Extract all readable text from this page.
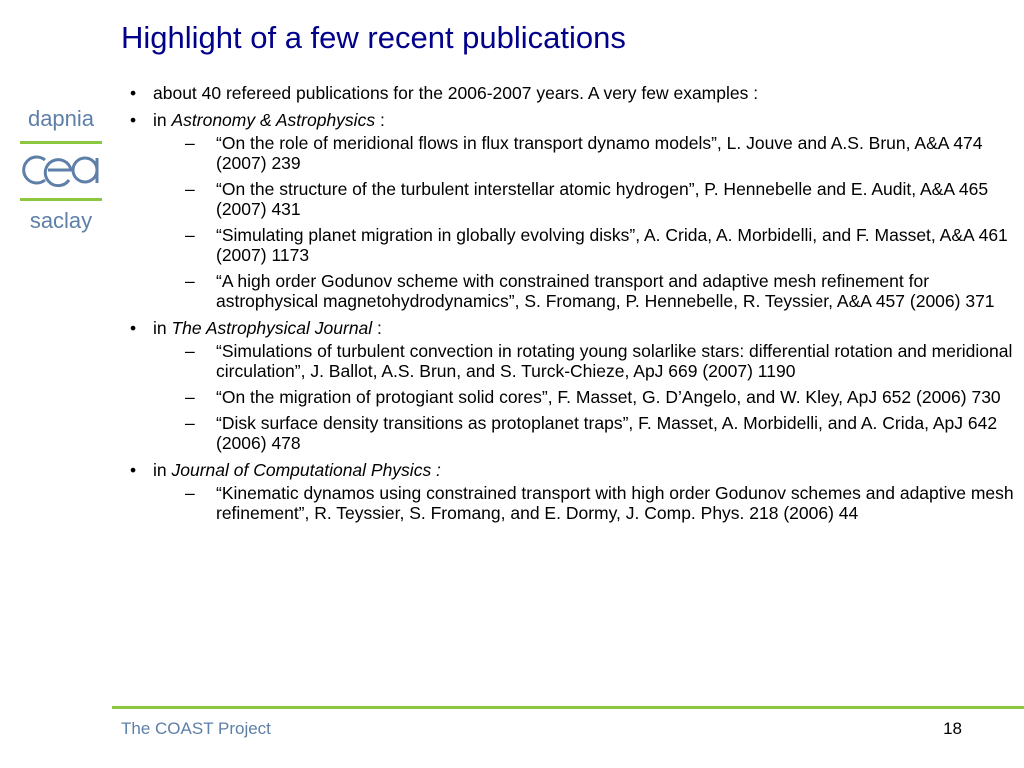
Highlight of a few recent publications
dapnia
saclay
• about 40 refereed publications for the 2006-2007 years. A very few examples :
• in Astronomy & Astrophysics :
– “On the role of meridional flows in flux transport dynamo models”, L. Jouve and A.S. Brun, A&A 474 (2007) 239
– “On the structure of the turbulent interstellar atomic hydrogen”, P. Hennebelle and E. Audit, A&A 465 (2007) 431
– “Simulating planet migration in globally evolving disks”, A. Crida, A. Morbidelli, and F. Masset, A&A 461 (2007) 1173
– “A high order Godunov scheme with constrained transport and adaptive mesh refinement for astrophysical magnetohydrodynamics”, S. Fromang, P. Hennebelle, R. Teyssier, A&A 457 (2006) 371
• in The Astrophysical Journal :
– “Simulations of turbulent convection in rotating young solarlike stars: differential rotation and meridional circulation”, J. Ballot, A.S. Brun, and S. Turck-Chieze, ApJ 669 (2007) 1190
– “On the migration of protogiant solid cores”, F. Masset, G. D’Angelo, and W. Kley, ApJ 652 (2006) 730
– “Disk surface density transitions as protoplanet traps”, F. Masset, A. Morbidelli, and A. Crida, ApJ 642 (2006) 478
• in Journal of Computational Physics :
– “Kinematic dynamos using constrained transport with high order Godunov schemes and adaptive mesh refinement”, R. Teyssier, S. Fromang, and E. Dormy, J. Comp. Phys. 218 (2006) 44
The COAST Project	18
